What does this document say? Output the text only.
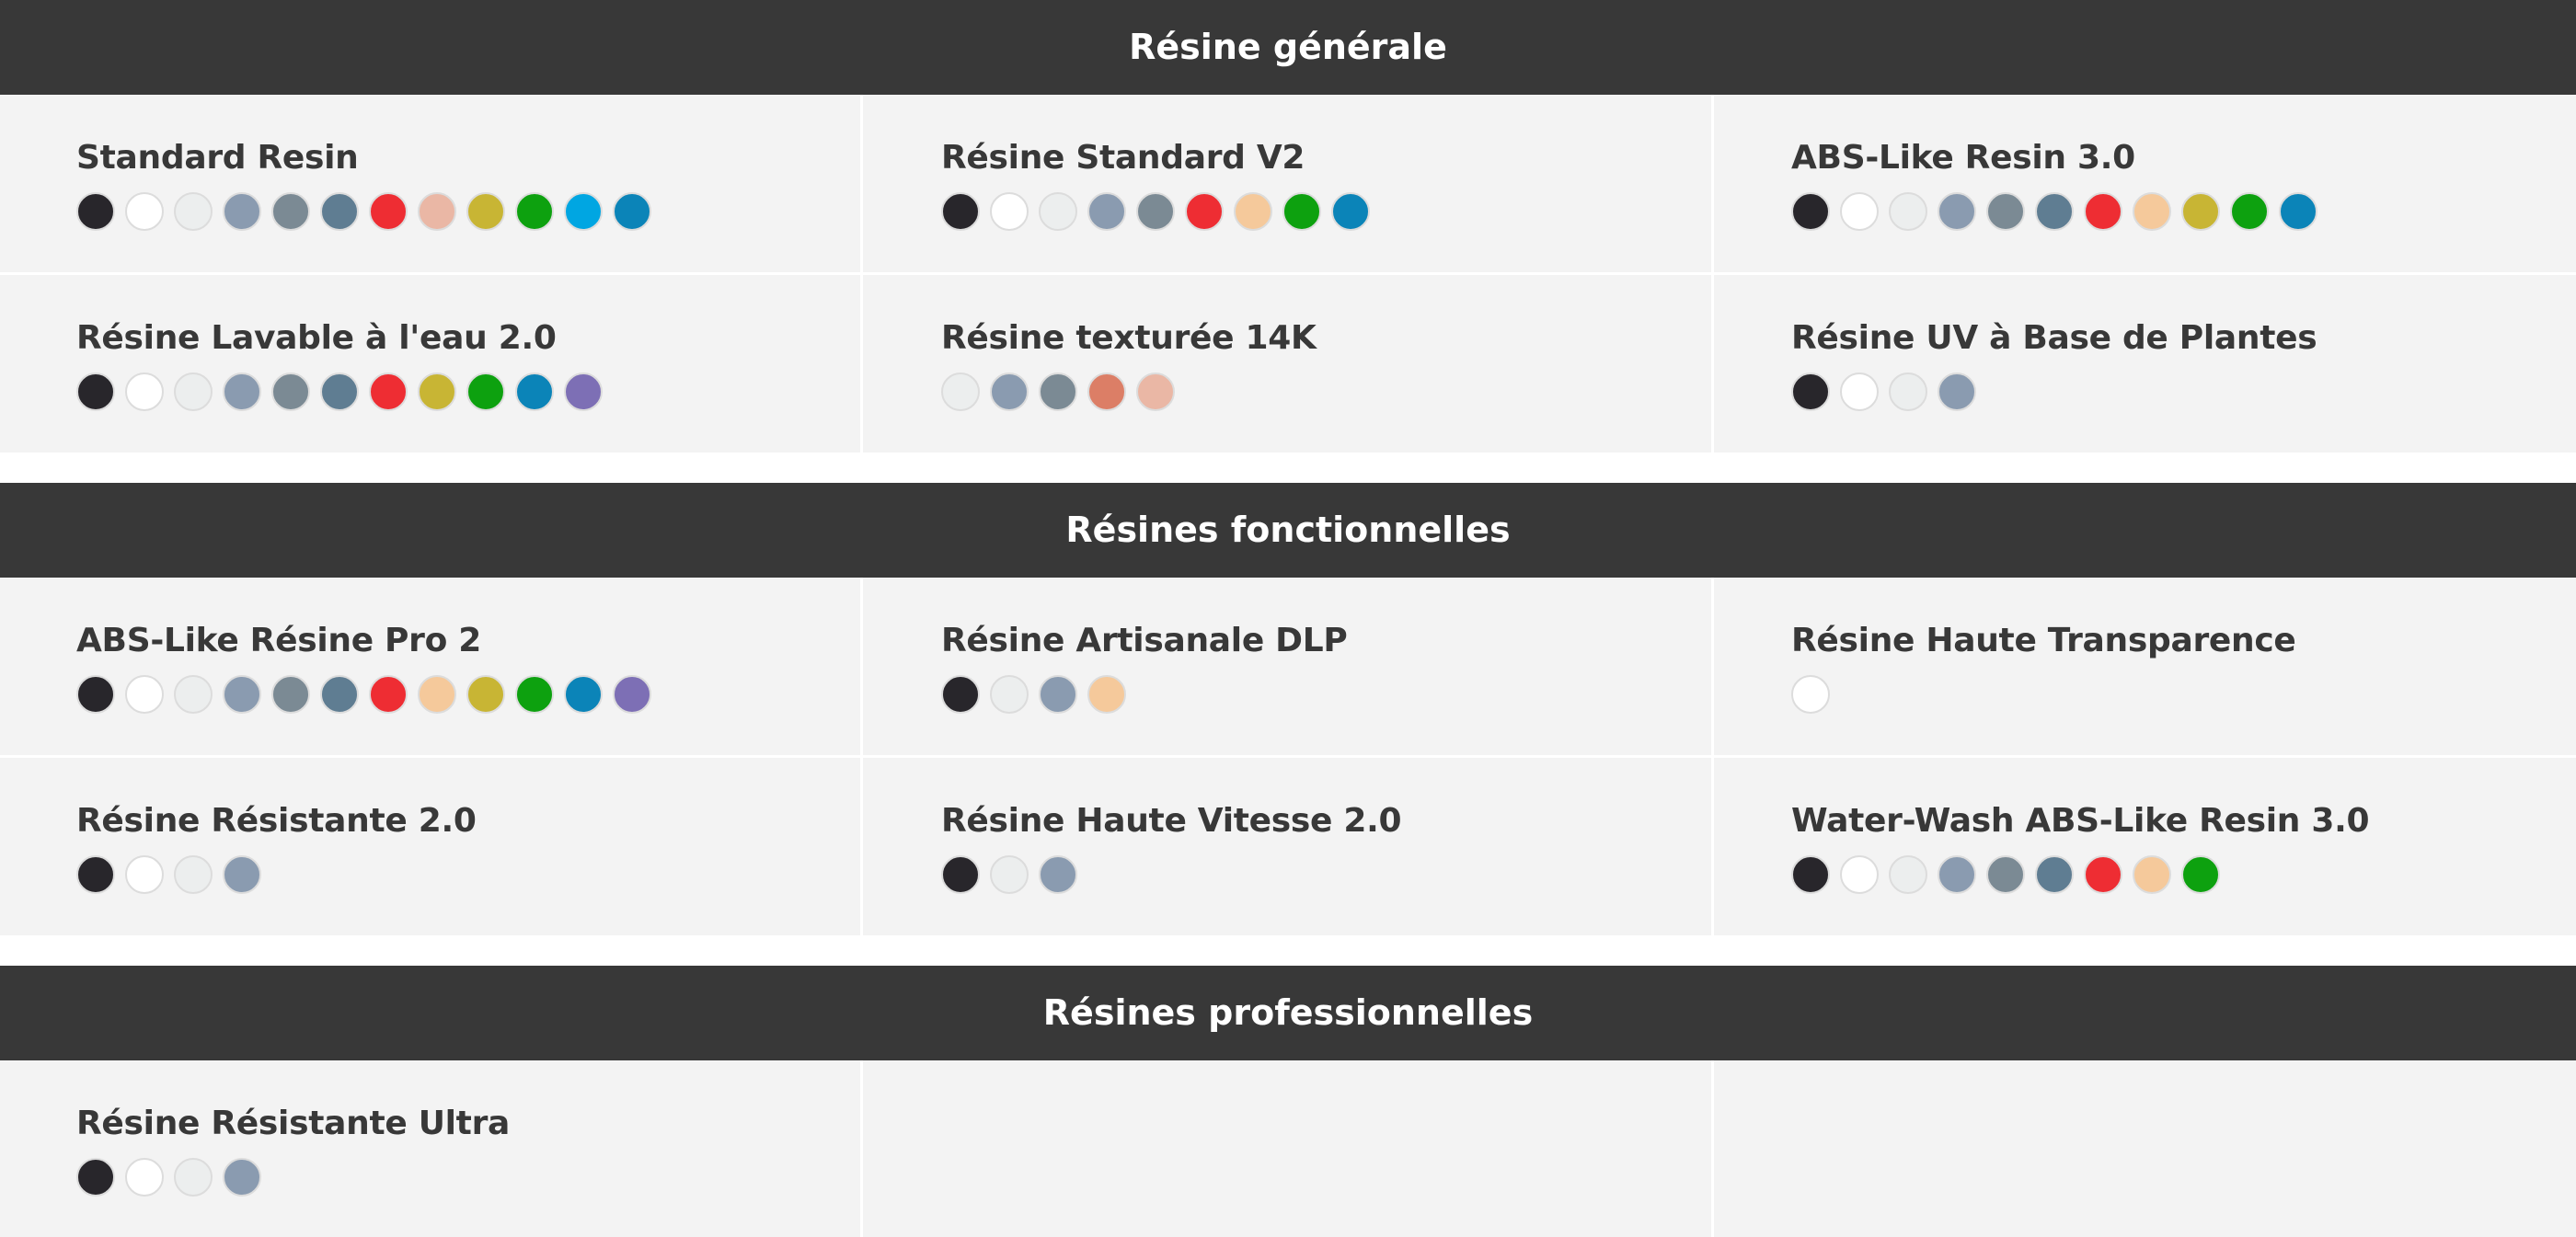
Résine générale
Standard Resin	Résine Standard V2	ABS-Like Resin 3.0
Résine Lavable à l'eau 2.0	Résine texturée 14K	Résine UV à Base de Plantes
Résines fonctionnelles
ABS-Like Résine Pro 2	Résine Artisanale DLP	Résine Haute Transparence
Résine Résistante 2.0	Résine Haute Vitesse 2.0	Water-Wash ABS-Like Resin 3.0
Résines professionnelles
Résine Résistante Ultra
